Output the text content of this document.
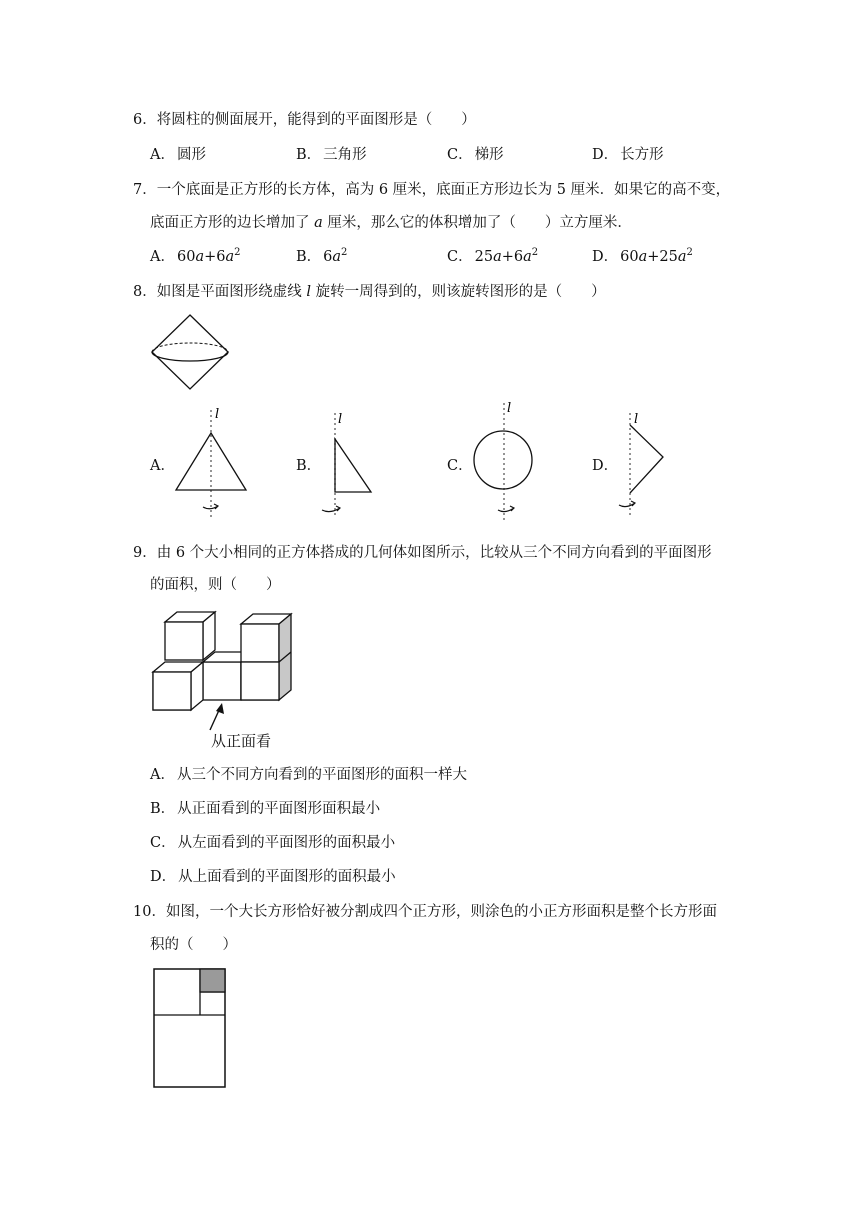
6．将圆柱的侧面展开，能得到的平面图形是（　　）
A． 圆形	B． 三角形	C． 梯形	D． 长方形
7．一个底面是正方形的长方体，高为 6 厘米，底面正方形边长为 5 厘米．如果它的高不变，
底面正方形的边长增加了 a 厘米，那么它的体积增加了（　　）立方厘米．
A． $60a+6a^2$	B． $6a^2$	C． $25a+6a^2$	D． $60a+25a^2$
8．如图是平面图形绕虚线 l 旋转一周得到的，则该旋转图形的是（　　）
A．
l
B．
l
C．
l
D．
l
9．由 6 个大小相同的正方体搭成的几何体如图所示，比较从三个不同方向看到的平面图形
的面积，则（　　）
从正面看
A． 从三个不同方向看到的平面图形的面积一样大
B． 从正面看到的平面图形面积最小
C． 从左面看到的平面图形的面积最小
D． 从上面看到的平面图形的面积最小
10．如图，一个大长方形恰好被分割成四个正方形，则涂色的小正方形面积是整个长方形面
积的（　　）
